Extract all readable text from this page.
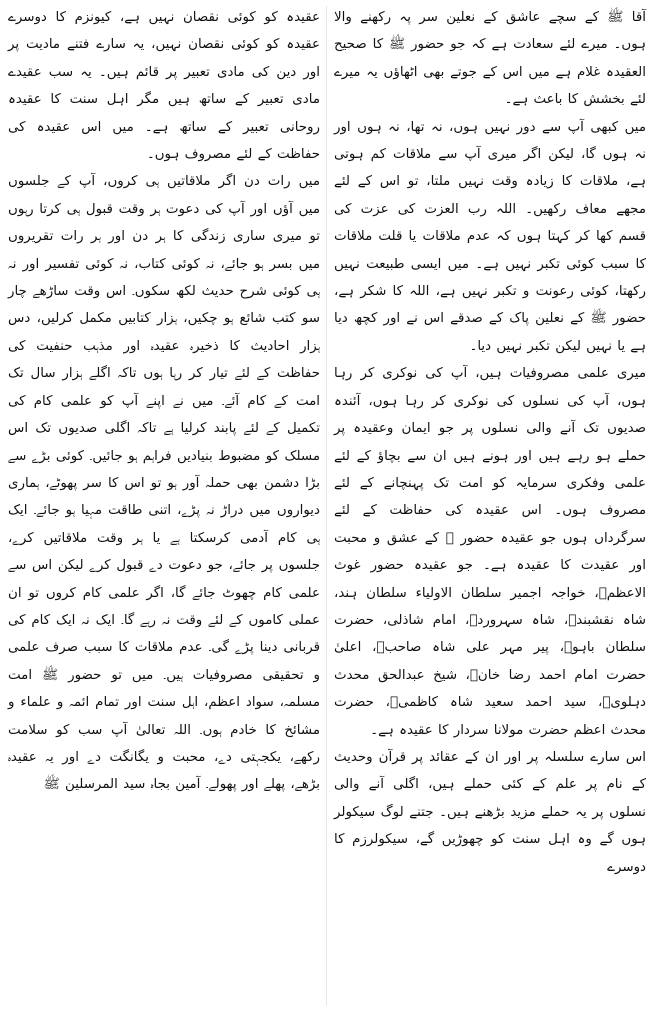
آقا ﷺ کے سچے عاشق کے نعلین سر پہ رکھنے والا ہوں۔ میرے لئے سعادت ہے کہ جو حضور ﷺ کا صحیح العقیدہ غلام ہے میں اس کے جوتے بھی اٹھاؤں یہ میرے لئے بخشش کا باعث ہے۔

میں کبھی آپ سے دور نہیں ہوں، نہ تھا، نہ ہوں اور نہ ہوں گا، لیکن اگر میری آپ سے ملاقات کم ہوتی ہے، ملاقات کا زیادہ وقت نہیں ملتا، تو اس کے لئے مجھے معاف رکھیں۔ اللہ رب العزت کی عزت کی قسم کھا کر کہتا ہوں کہ عدم ملاقات یا قلت ملاقات کا سبب کوئی تکبر نہیں ہے۔ میں ایسی طبیعت نہیں رکھتا، کوئی رعونت و تکبر نہیں ہے، اللہ کا شکر ہے، حضور ﷺ کے نعلین پاک کے صدقے اس نے اور کچھ دیا ہے یا نہیں لیکن تکبر نہیں دیا۔

میری علمی مصروفیات ہیں، آپ کی نوکری کر رہا ہوں، آپ کی نسلوں کی نوکری کر رہا ہوں، آئندہ صدیوں تک آنے والی نسلوں پر جو ایمان وعقیدہ پر حملے ہو رہے ہیں اور ہونے ہیں ان سے بچاؤ کے لئے علمی وفکری سرمایہ کو امت تک پہنچانے کے لئے مصروف ہوں۔ اس عقیدہ کی حفاظت کے لئے سرگرداں ہوں جو عقیدہ حضور ﷺ کے عشق و محبت اور عقیدت کا عقیدہ ہے۔ جو عقیدہ حضور غوث الاعظمؓ، خواجہ اجمیر سلطان الاولیاء سلطان ہند، شاہ نقشبندؒ، شاہ سہروردؒ، امام شاذلی، حضرت سلطان باہوؒ، پیر مہر علی شاہ صاحبؒ، اعلیٰ حضرت امام احمد رضا خانؒ، شیخ عبدالحق محدث دہلویؒ، سید احمد سعید شاہ کاظمیؒ، حضرت محدث اعظم حضرت مولانا سردار کا عقیدہ ہے۔

اس سارے سلسلہ پر اور ان کے عقائد پر قرآن وحدیث کے نام پر علم کے کئی حملے ہیں، اگلی آنے والی نسلوں پر یہ حملے مزید بڑھنے ہیں۔ جتنے لوگ سیکولر ہوں گے وہ اہل سنت کو چھوڑیں گے، سیکولرزم کا دوسرے

عقیدہ کو کوئی نقصان نہیں ہے، کیونزم کا دوسرے عقیدہ کو کوئی نقصان نہیں، یہ سارے فتنے مادیت پر اور دین کی مادی تعبیر پر قائم ہیں۔ یہ سب عقیدے مادی تعبیر کے ساتھ ہیں مگر اہل سنت کا عقیدہ روحانی تعبیر کے ساتھ ہے۔ میں اس عقیدہ کی حفاظت کے لئے مصروف ہوں۔

میں رات دن اگر ملاقاتیں ہی کروں، آپ کے جلسوں میں آؤں اور آپ کی دعوت ہر وقت قبول ہی کرتا رہوں تو میری ساری زندگی کا ہر دن اور ہر رات تقریروں میں بسر ہو جائے، نہ کوئی کتاب، نہ کوئی تفسیر اور نہ ہی کوئی شرح حدیث لکھ سکوں۔ اس وقت ساڑھے چار سو کتب شائع ہو چکیں، ہزار کتابیں مکمل کرلیں، دس ہزار احادیث کا ذخیرہ عقیدہ اور مذہب حنفیت کی حفاظت کے لئے تیار کر رہا ہوں تاکہ اگلے ہزار سال تک امت کے کام آئے۔ میں نے اپنے آپ کو علمی کام کی تکمیل کے لئے پابند کرلیا ہے تاکہ اگلی صدیوں تک اس مسلک کو مضبوط بنیادیں فراہم ہو جائیں۔ کوئی بڑے سے بڑا دشمن بھی حملہ آور ہو تو اس کا سر پھوٹے، ہماری دیواروں میں دراڑ نہ پڑے، اتنی طاقت مہیا ہو جائے۔ ایک ہی کام آدمی کرسکتا ہے یا ہر وقت ملاقاتیں کرے، جلسوں پر جائے، جو دعوت دے قبول کرے لیکن اس سے علمی کام چھوٹ جائے گا، اگر علمی کام کروں تو ان عملی کاموں کے لئے وقت نہ رہے گا۔ ایک نہ ایک کام کی قربانی دینا پڑے گی۔ عدم ملاقات کا سبب صرف علمی و تحقیقی مصروفیات ہیں۔ میں تو حضور ﷺ امت مسلمہ، سواد اعظم، اہل سنت اور تمام ائمہ و علماء و مشائخ کا خادم ہوں۔ اللہ تعالیٰ آپ سب کو سلامت رکھے، یکجہتی دے، محبت و یگانگت دے اور یہ عقیدہ بڑھے، پھلے اور پھولے۔ آمین بجاہ سید المرسلین ﷺ
